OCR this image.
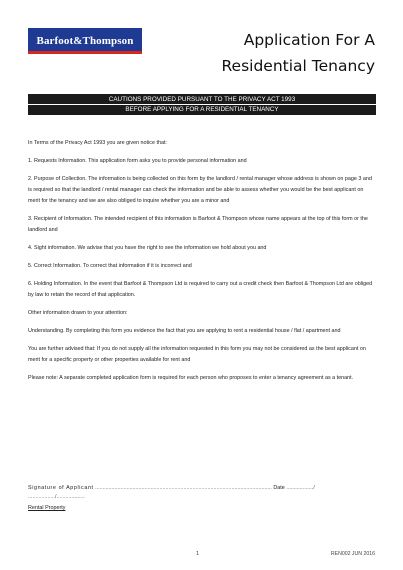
Barfoot&Thompson	Application For A
Residential Tenancy
CAUTIONS PROVIDED PURSUANT TO THE PRIVACY ACT 1993
BEFORE APPLYING FOR A RESIDENTIAL TENANCY

In Terms of the Privacy Act 1993 you are given notice that:

1. Requests Information. This application form asks you to provide personal information and

2. Purpose of Collection. The information is being collected on this form by the landlord / rental manager whose address is shown on page 3 and is required so that the landlord / rental manager can check the information and be able to assess whether you would be the best applicant on merit for the tenancy and we are also obliged to inquire whether you are a minor and

3. Recipient of Information. The intended recipient of this information is Barfoot & Thompson whose name appears at the top of this form or the landlord and

4. Sight information. We advise that you have the right to see the information we hold about you and

5. Correct Information. To correct that information if it is incorrect and

6. Holding Information. In the event that Barfoot & Thompson Ltd is required to carry out a credit check then Barfoot & Thompson Ltd are obliged by law to retain the record of that application.

Other information drawn to your attention:

Understanding. By completing this form you evidence the fact that you are applying to rent a residential house / flat / apartment and

You are further advised that: If you do not supply all the information requested in this form you may not be considered as the best applicant on merit for a specific property or other properties available for rent and

Please note: A separate completed application form is required for each person who proposes to enter a tenancy agreement as a tenant.

Signature of Applicant ...................................................................................................................... Date ................../
................../...................
Rental Property
1	REN002 JUN 2016
